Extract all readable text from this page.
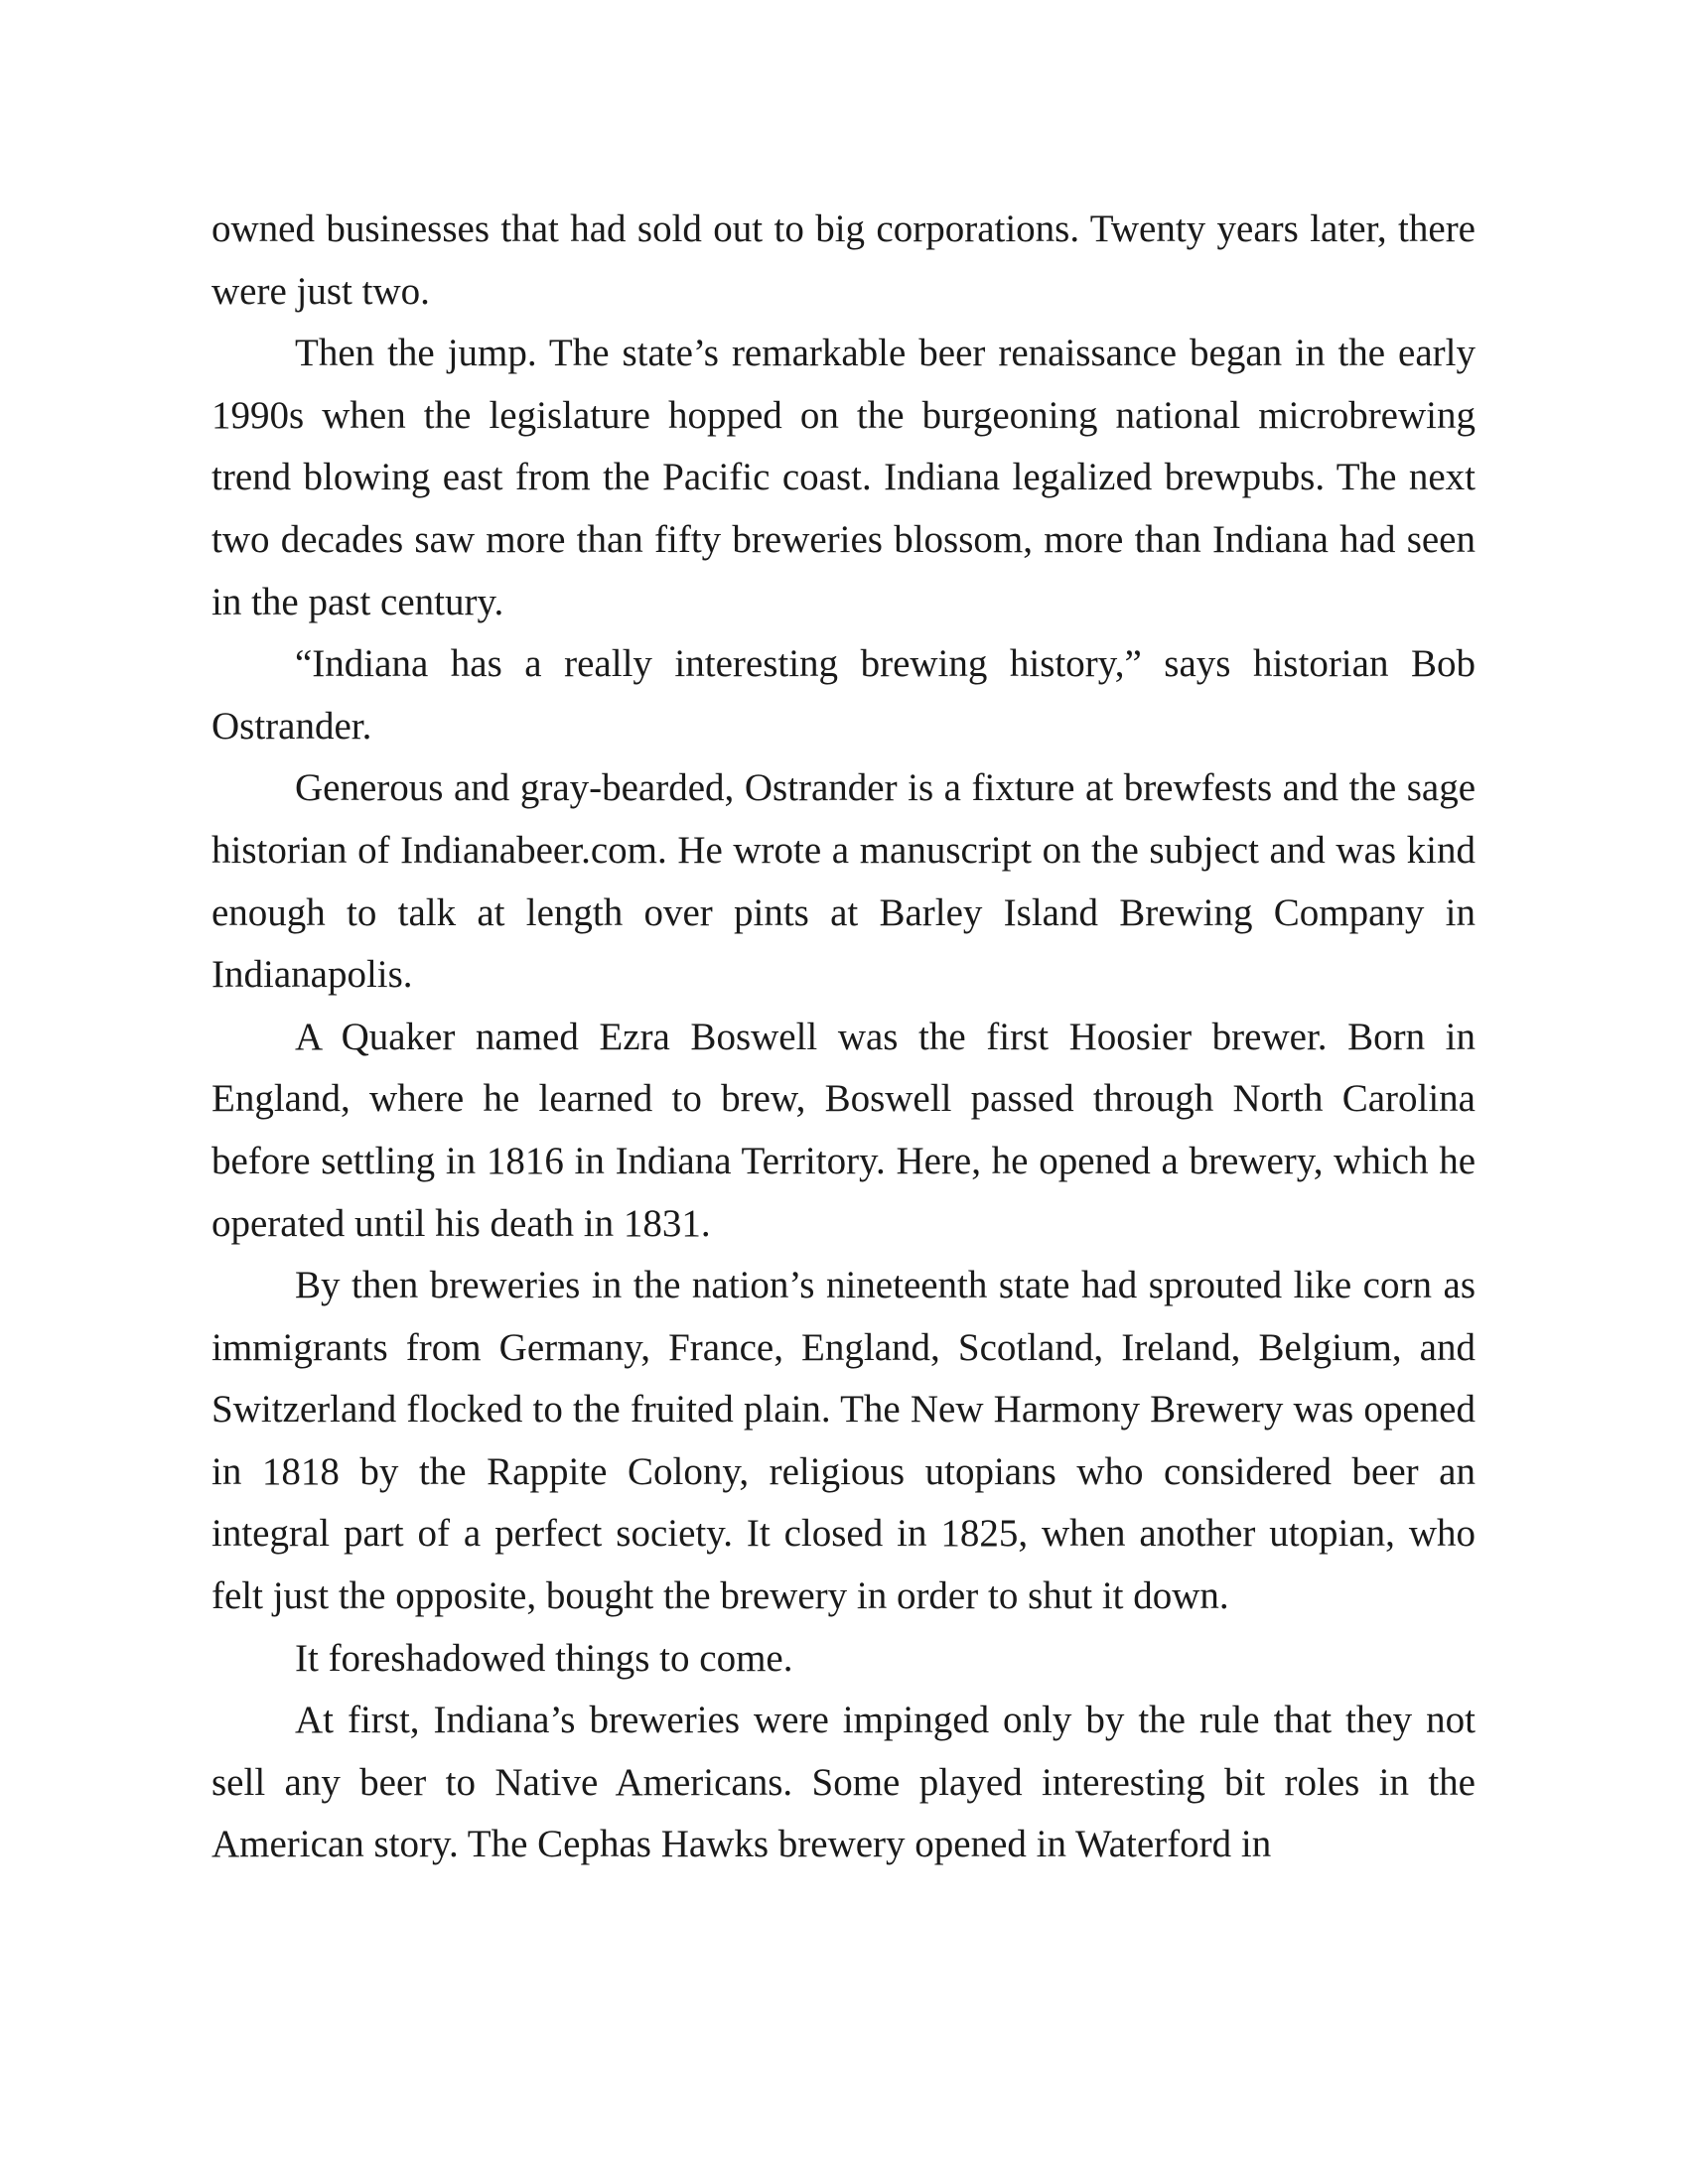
owned businesses that had sold out to big corporations. Twenty years later, there were just two.

Then the jump. The state’s remarkable beer renaissance began in the early 1990s when the legislature hopped on the burgeoning national microbrewing trend blowing east from the Pacific coast. Indiana legalized brewpubs. The next two decades saw more than fifty breweries blossom, more than Indiana had seen in the past century.

“Indiana has a really interesting brewing history,” says historian Bob Ostrander.

Generous and gray-bearded, Ostrander is a fixture at brewfests and the sage historian of Indianabeer.com. He wrote a manuscript on the subject and was kind enough to talk at length over pints at Barley Island Brewing Company in Indianapolis.

A Quaker named Ezra Boswell was the first Hoosier brewer. Born in England, where he learned to brew, Boswell passed through North Carolina before settling in 1816 in Indiana Territory. Here, he opened a brewery, which he operated until his death in 1831.

By then breweries in the nation’s nineteenth state had sprouted like corn as immigrants from Germany, France, England, Scotland, Ireland, Belgium, and Switzerland flocked to the fruited plain. The New Harmony Brewery was opened in 1818 by the Rappite Colony, religious utopians who considered beer an integral part of a perfect society. It closed in 1825, when another utopian, who felt just the opposite, bought the brewery in order to shut it down.

It foreshadowed things to come.

At first, Indiana’s breweries were impinged only by the rule that they not sell any beer to Native Americans. Some played interesting bit roles in the American story. The Cephas Hawks brewery opened in Waterford in
